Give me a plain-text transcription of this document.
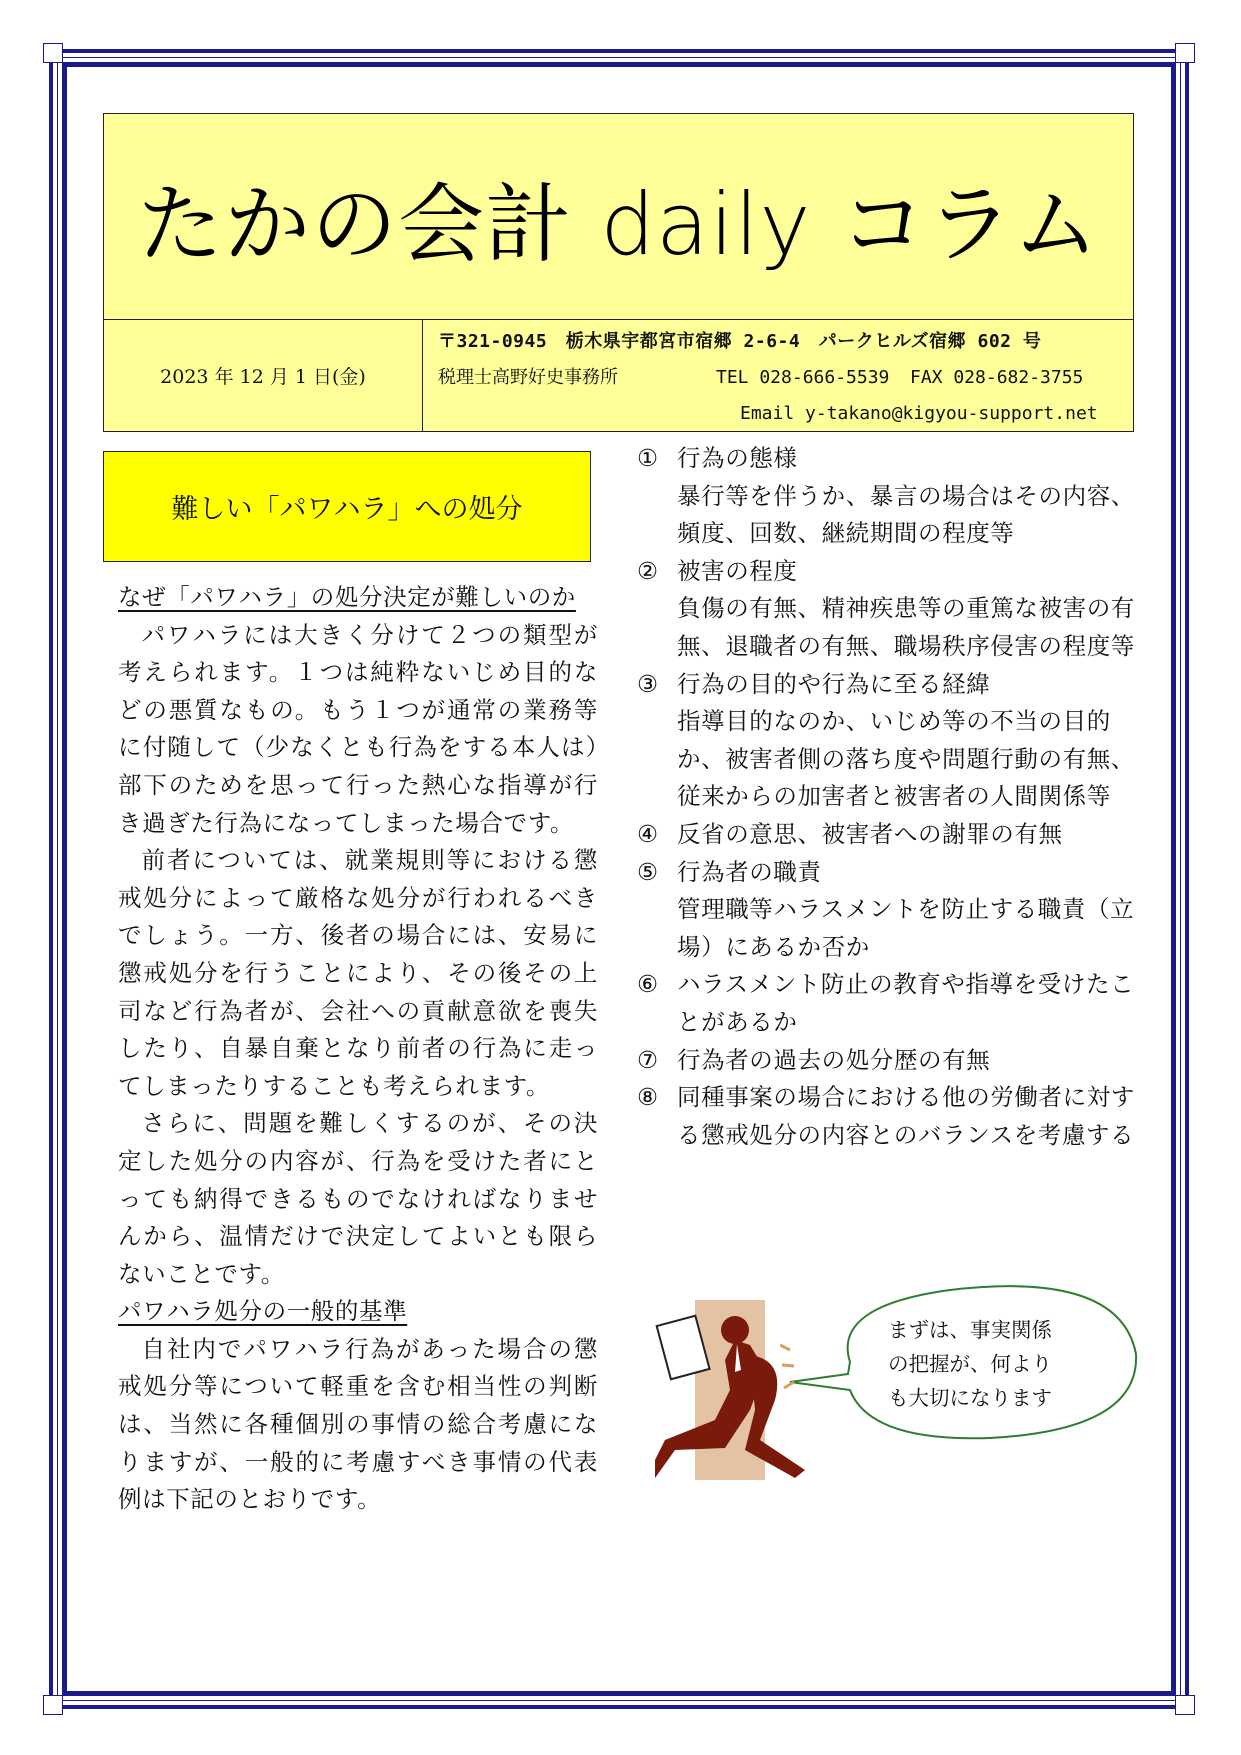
たかの会計 daily コラム
2023 年 12 月 1 日(金)
〒321-0945　栃木県宇都宮市宿郷 2-6-4　パークヒルズ宿郷 602 号
税理士高野好史事務所	TEL 028-666-5539 FAX 028-682-3755
Email y-takano@kigyou-support.net
難しい「パワハラ」への処分
なぜ「パワハラ」の処分決定が難しいのか

パワハラには大きく分けて２つの類型が考えられます。１つは純粋ないじめ目的などの悪質なもの。もう１つが通常の業務等に付随して（少なくとも行為をする本人は）部下のためを思って行った熱心な指導が行き過ぎた行為になってしまった場合です。

前者については、就業規則等における懲戒処分によって厳格な処分が行われるべきでしょう。一方、後者の場合には、安易に懲戒処分を行うことにより、その後その上司など行為者が、会社への貢献意欲を喪失したり、自暴自棄となり前者の行為に走ってしまったりすることも考えられます。

さらに、問題を難しくするのが、その決定した処分の内容が、行為を受けた者にとっても納得できるものでなければなりませんから、温情だけで決定してよいとも限らないことです。

パワハラ処分の一般的基準

自社内でパワハラ行為があった場合の懲戒処分等について軽重を含む相当性の判断は、当然に各種個別の事情の総合考慮になりますが、一般的に考慮すべき事情の代表例は下記のとおりです。

① 行為の態様
暴行等を伴うか、暴言の場合はその内容、頻度、回数、継続期間の程度等
② 被害の程度
負傷の有無、精神疾患等の重篤な被害の有無、退職者の有無、職場秩序侵害の程度等
③ 行為の目的や行為に至る経緯
指導目的なのか、いじめ等の不当の目的か、被害者側の落ち度や問題行動の有無、従来からの加害者と被害者の人間関係等
④ 反省の意思、被害者への謝罪の有無
⑤ 行為者の職責
管理職等ハラスメントを防止する職責（立場）にあるか否か
⑥ ハラスメント防止の教育や指導を受けたことがあるか
⑦ 行為者の過去の処分歴の有無
⑧ 同種事案の場合における他の労働者に対する懲戒処分の内容とのバランスを考慮する
まずは、事実関係
の把握が、何より
も大切になります
